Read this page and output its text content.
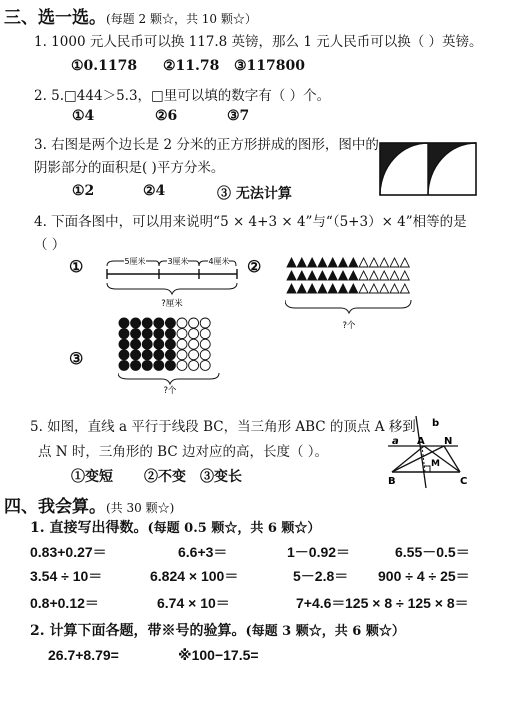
三、选一选。(每题 2 颗☆，共 10 颗☆）
1. 1000 元人民币可以换 117.8 英镑，那么 1 元人民币可以换（ ）英镑。
①0.1178 ②11.78 ③117800
2. 5.□444＞5.3，□里可以填的数字有（ ）个。
①4	②6	③7
3. 右图是两个边长是 2 分米的正方形拼成的图形，图中的
阴影部分的面积是( )平方分米。
①2	②4	③ 无法计算
4. 下面各图中，可以用来说明“5 × 4+3 × 4”与“（5+3）× 4”相等的是
（ ）
①	②
③
5厘米	3厘米 4厘米
?厘米
?个
?个
5. 如图，直线 a 平行于线段 BC，当三角形 ABC 的顶点 A 移到
点 N 时，三角形的 BC 边对应的高，长度（ ）。
①变短 ②不变 ③变长
b
a A N
M
B	C
四、我会算。(共 30 颗☆)
1. 直接写出得数。(每题 0.5 颗☆，共 6 颗☆）
0.83+0.27＝	6.6+3＝	1－0.92＝	6.55－0.5＝
3.54 ÷ 10＝	6.824 × 100＝	5－2.8＝ 900 ÷ 4 ÷ 25＝
0.8+0.12＝	6.74 × 10＝	7+4.6＝ 125 × 8 ÷ 125 × 8＝
2. 计算下面各题，带※号的验算。(每题 3 颗☆，共 6 颗☆）
26.7+8.79=	※100−17.5=
